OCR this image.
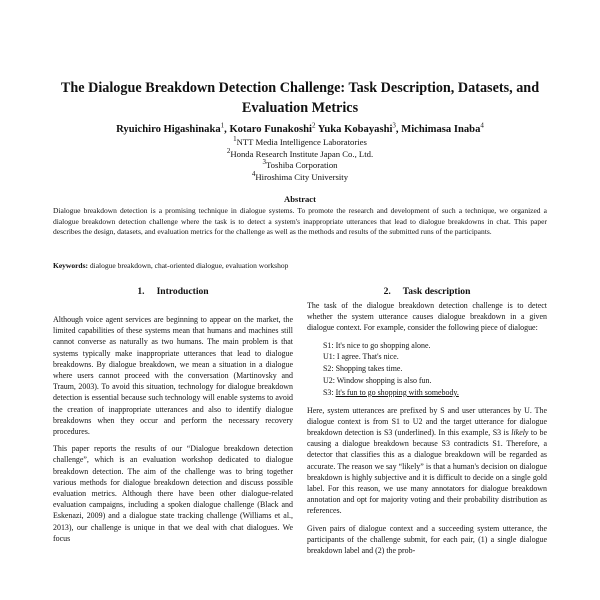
The Dialogue Breakdown Detection Challenge: Task Description, Datasets, and Evaluation Metrics
Ryuichiro Higashinaka$^1$, Kotaro Funakoshi$^2$ Yuka Kobayashi$^3$, Michimasa Inaba$^4$
$^1$NTT Media Intelligence Laboratories
$^2$Honda Research Institute Japan Co., Ltd.
$^3$Toshiba Corporation
$^4$Hiroshima City University
Abstract
Dialogue breakdown detection is a promising technique in dialogue systems. To promote the research and development of such a technique, we organized a dialogue breakdown detection challenge where the task is to detect a system's inappropriate utterances that lead to dialogue breakdowns in chat. This paper describes the design, datasets, and evaluation metrics for the challenge as well as the methods and results of the submitted runs of the participants.
Keywords: dialogue breakdown, chat-oriented dialogue, evaluation workshop
1. Introduction

Although voice agent services are beginning to appear on the market, the limited capabilities of these systems mean that humans and machines still cannot converse as naturally as two humans. The main problem is that systems typically make inappropriate utterances that lead to dialogue breakdowns. By dialogue breakdown, we mean a situation in a dialogue where users cannot proceed with the conversation (Martinovsky and Traum, 2003). To avoid this situation, technology for dialogue breakdown detection is essential because such technology will enable systems to avoid the creation of inappropriate utterances and also to identify dialogue breakdowns when they occur and perform the necessary recovery procedures.

This paper reports the results of our “Dialogue breakdown detection challenge”, which is an evaluation workshop dedicated to dialogue breakdown detection. The aim of the challenge was to bring together various methods for dialogue breakdown detection and discuss possible evaluation metrics. Although there have been other dialogue-related evaluation campaigns, including a spoken dialogue challenge (Black and Eskenazi, 2009) and a dialogue state tracking challenge (Williams et al., 2013), our challenge is unique in that we deal with chat dialogues. We focus

2. Task description

The task of the dialogue breakdown detection challenge is to detect whether the system utterance causes dialogue breakdown in a given dialogue context. For example, consider the following piece of dialogue:

S1: It's nice to go shopping alone.
U1: I agree. That's nice.
S2: Shopping takes time.
U2: Window shopping is also fun.
S3: It's fun to go shopping with somebody.

Here, system utterances are prefixed by S and user utterances by U. The dialogue context is from S1 to U2 and the target utterance for dialogue breakdown detection is S3 (underlined). In this example, S3 is likely to be causing a dialogue breakdown because S3 contradicts S1. Therefore, a detector that classifies this as a dialogue breakdown will be regarded as accurate. The reason we say “likely” is that a human's decision on dialogue breakdown is highly subjective and it is difficult to decide on a single gold label. For this reason, we use many annotators for dialogue breakdown annotation and opt for majority voting and their probability distribution as references.

Given pairs of dialogue context and a succeeding system utterance, the participants of the challenge submit, for each pair, (1) a single dialogue breakdown label and (2) the prob-
